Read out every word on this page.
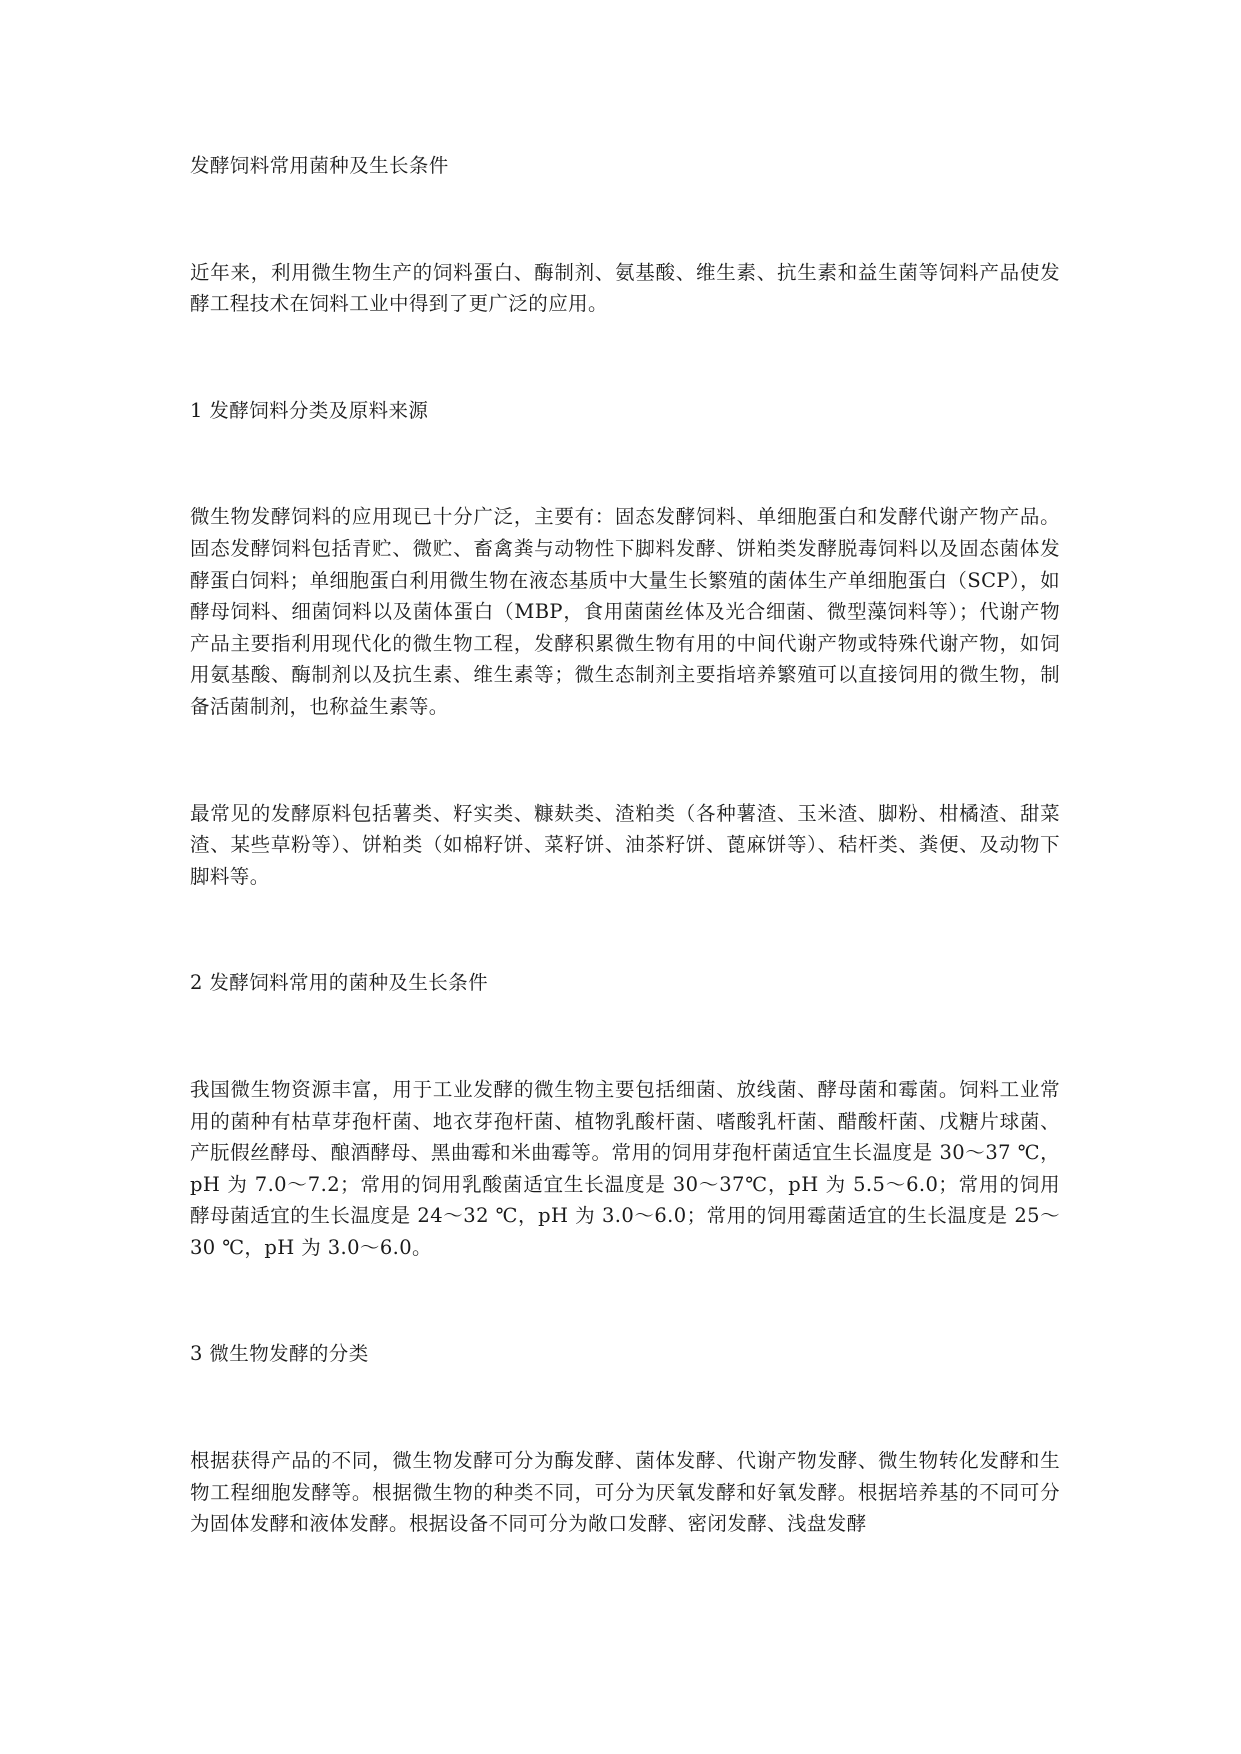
发酵饲料常用菌种及生长条件

近年来，利用微生物生产的饲料蛋白、酶制剂、氨基酸、维生素、抗生素和益生菌等饲料产品使发酵工程技术在饲料工业中得到了更广泛的应用。

1 发酵饲料分类及原料来源

微生物发酵饲料的应用现已十分广泛，主要有：固态发酵饲料、单细胞蛋白和发酵代谢产物产品。固态发酵饲料包括青贮、微贮、畜禽粪与动物性下脚料发酵、饼粕类发酵脱毒饲料以及固态菌体发酵蛋白饲料；单细胞蛋白利用微生物在液态基质中大量生长繁殖的菌体生产单细胞蛋白（SCP），如酵母饲料、细菌饲料以及菌体蛋白（MBP，食用菌菌丝体及光合细菌、微型藻饲料等）；代谢产物产品主要指利用现代化的微生物工程，发酵积累微生物有用的中间代谢产物或特殊代谢产物，如饲用氨基酸、酶制剂以及抗生素、维生素等；微生态制剂主要指培养繁殖可以直接饲用的微生物，制备活菌制剂，也称益生素等。

最常见的发酵原料包括薯类、籽实类、糠麸类、渣粕类（各种薯渣、玉米渣、脚粉、柑橘渣、甜菜渣、某些草粉等）、饼粕类（如棉籽饼、菜籽饼、油茶籽饼、蓖麻饼等）、秸杆类、粪便、及动物下脚料等。

2 发酵饲料常用的菌种及生长条件

我国微生物资源丰富，用于工业发酵的微生物主要包括细菌、放线菌、酵母菌和霉菌。饲料工业常用的菌种有枯草芽孢杆菌、地衣芽孢杆菌、植物乳酸杆菌、嗜酸乳杆菌、醋酸杆菌、戊糖片球菌、产朊假丝酵母、酿酒酵母、黑曲霉和米曲霉等。常用的饲用芽孢杆菌适宜生长温度是 30～37 ℃，pH 为 7.0～7.2；常用的饲用乳酸菌适宜生长温度是 30～37℃，pH 为 5.5～6.0；常用的饲用酵母菌适宜的生长温度是 24～32 ℃，pH 为 3.0～6.0；常用的饲用霉菌适宜的生长温度是 25～30 ℃，pH 为 3.0～6.0。

3 微生物发酵的分类

根据获得产品的不同，微生物发酵可分为酶发酵、菌体发酵、代谢产物发酵、微生物转化发酵和生物工程细胞发酵等。根据微生物的种类不同，可分为厌氧发酵和好氧发酵。根据培养基的不同可分为固体发酵和液体发酵。根据设备不同可分为敞口发酵、密闭发酵、浅盘发酵
